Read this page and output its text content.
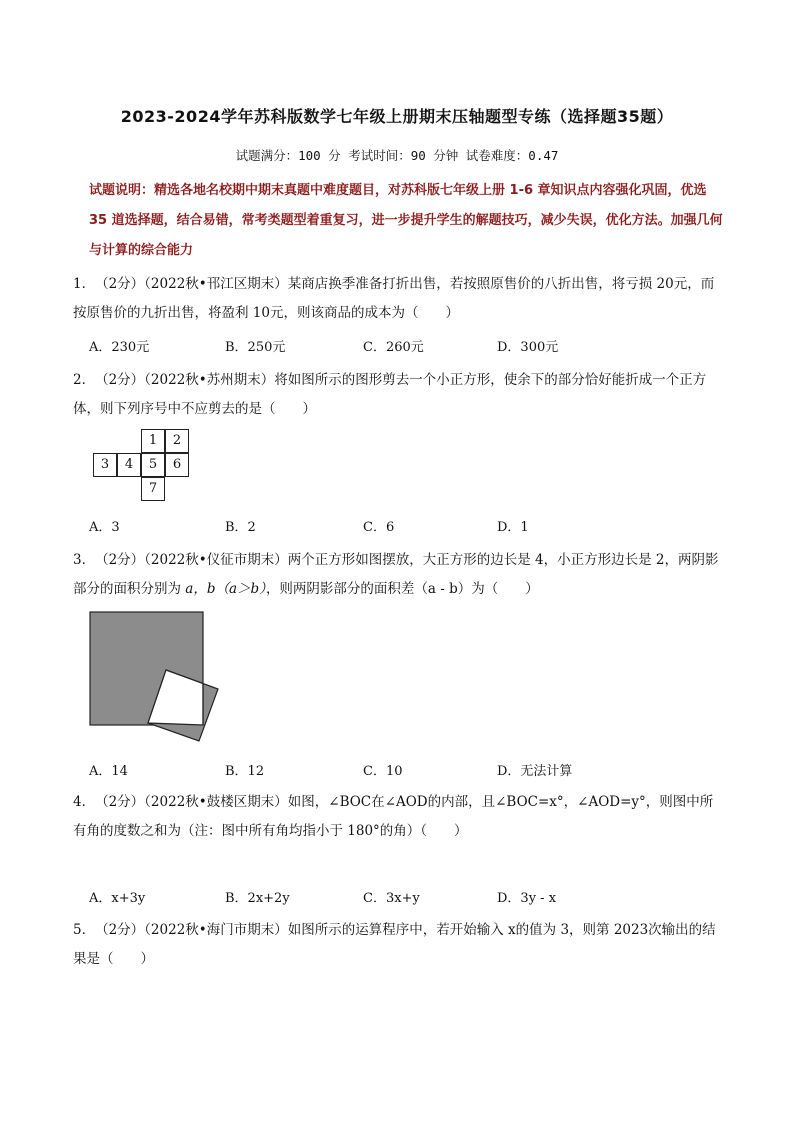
2023-2024学年苏科版数学七年级上册期末压轴题型专练（选择题35题）
试题满分：100 分 考试时间：90 分钟 试卷难度：0.47
试题说明：精选各地名校期中期末真题中难度题目，对苏科版七年级上册 1-6 章知识点内容强化巩固，优选 35 道选择题，结合易错，常考类题型着重复习，进一步提升学生的解题技巧，减少失误，优化方法。加强几何与计算的综合能力
1．（2分）（2022秋•邗江区期末）某商店换季准备打折出售，若按照原售价的八折出售，将亏损 20元，而按原售价的九折出售，将盈利 10元，则该商品的成本为（　　）
A．230元	B．250元	C．260元	D．300元
2．（2分）（2022秋•苏州期末）将如图所示的图形剪去一个小正方形，使余下的部分恰好能折成一个正方体，则下列序号中不应剪去的是（　　）
1	2
3	4	5	6
7
A．3	B．2	C．6	D．1
3．（2分）（2022秋•仪征市期末）两个正方形如图摆放，大正方形的边长是 4，小正方形边长是 2，两阴影部分的面积分别为 a，b（a＞b），则两阴影部分的面积差（a - b）为（　　）
A．14	B．12	C．10	D．无法计算
4．（2分）（2022秋•鼓楼区期末）如图，∠BOC在∠AOD的内部，且∠BOC=x°，∠AOD=y°，则图中所有角的度数之和为（注：图中所有角均指小于 180°的角）（　　）
A．x+3y	B．2x+2y	C．3x+y	D．3y - x
5．（2分）（2022秋•海门市期末）如图所示的运算程序中，若开始输入 x的值为 3，则第 2023次输出的结果是（　　）
